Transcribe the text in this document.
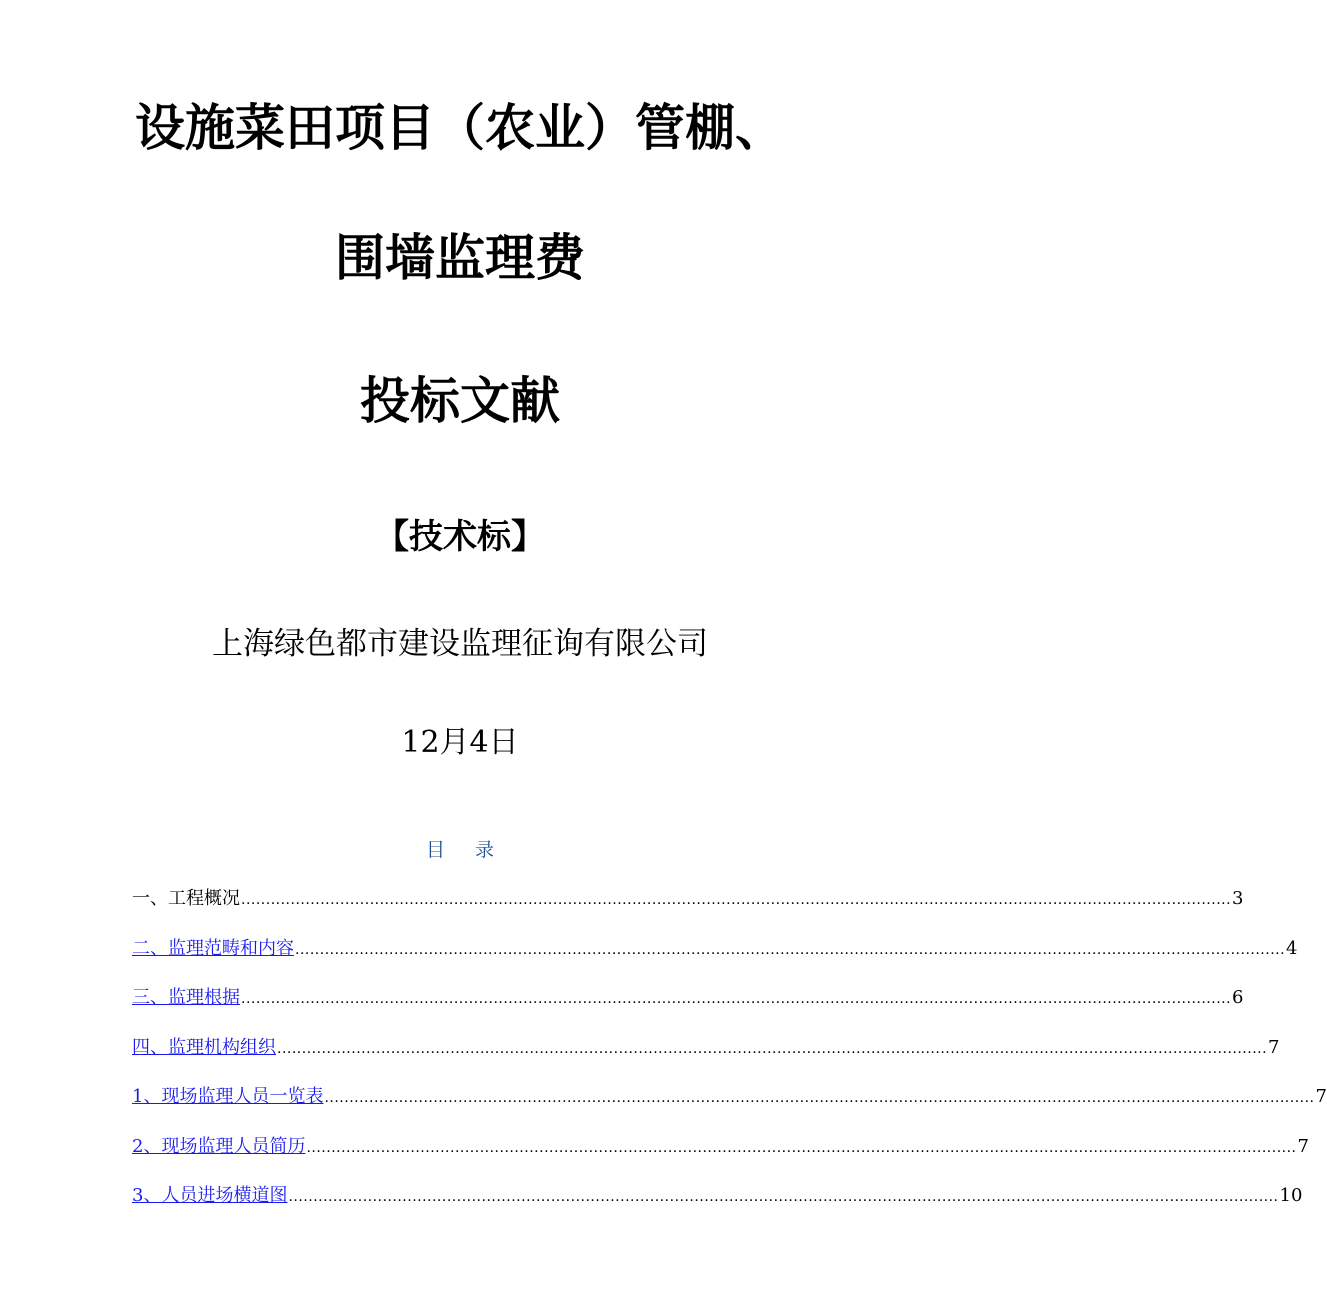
设施菜田项目（农业）管棚、
围墙监理费
投标文献
【技术标】
上海绿色都市建设监理征询有限公司
12月4日
目录
一、工程概况 ........................................................................................................................................................................................................ 3
二、监理范畴和内容 ........................................................................................................................................................................................................ 4
三、监理根据 ........................................................................................................................................................................................................ 6
四、监理机构组织 ........................................................................................................................................................................................................ 7
1、现场监理人员一览表 ........................................................................................................................................................................................................ 7
2、现场监理人员简历 ........................................................................................................................................................................................................ 7
3、人员进场横道图 ........................................................................................................................................................................................................ 10
